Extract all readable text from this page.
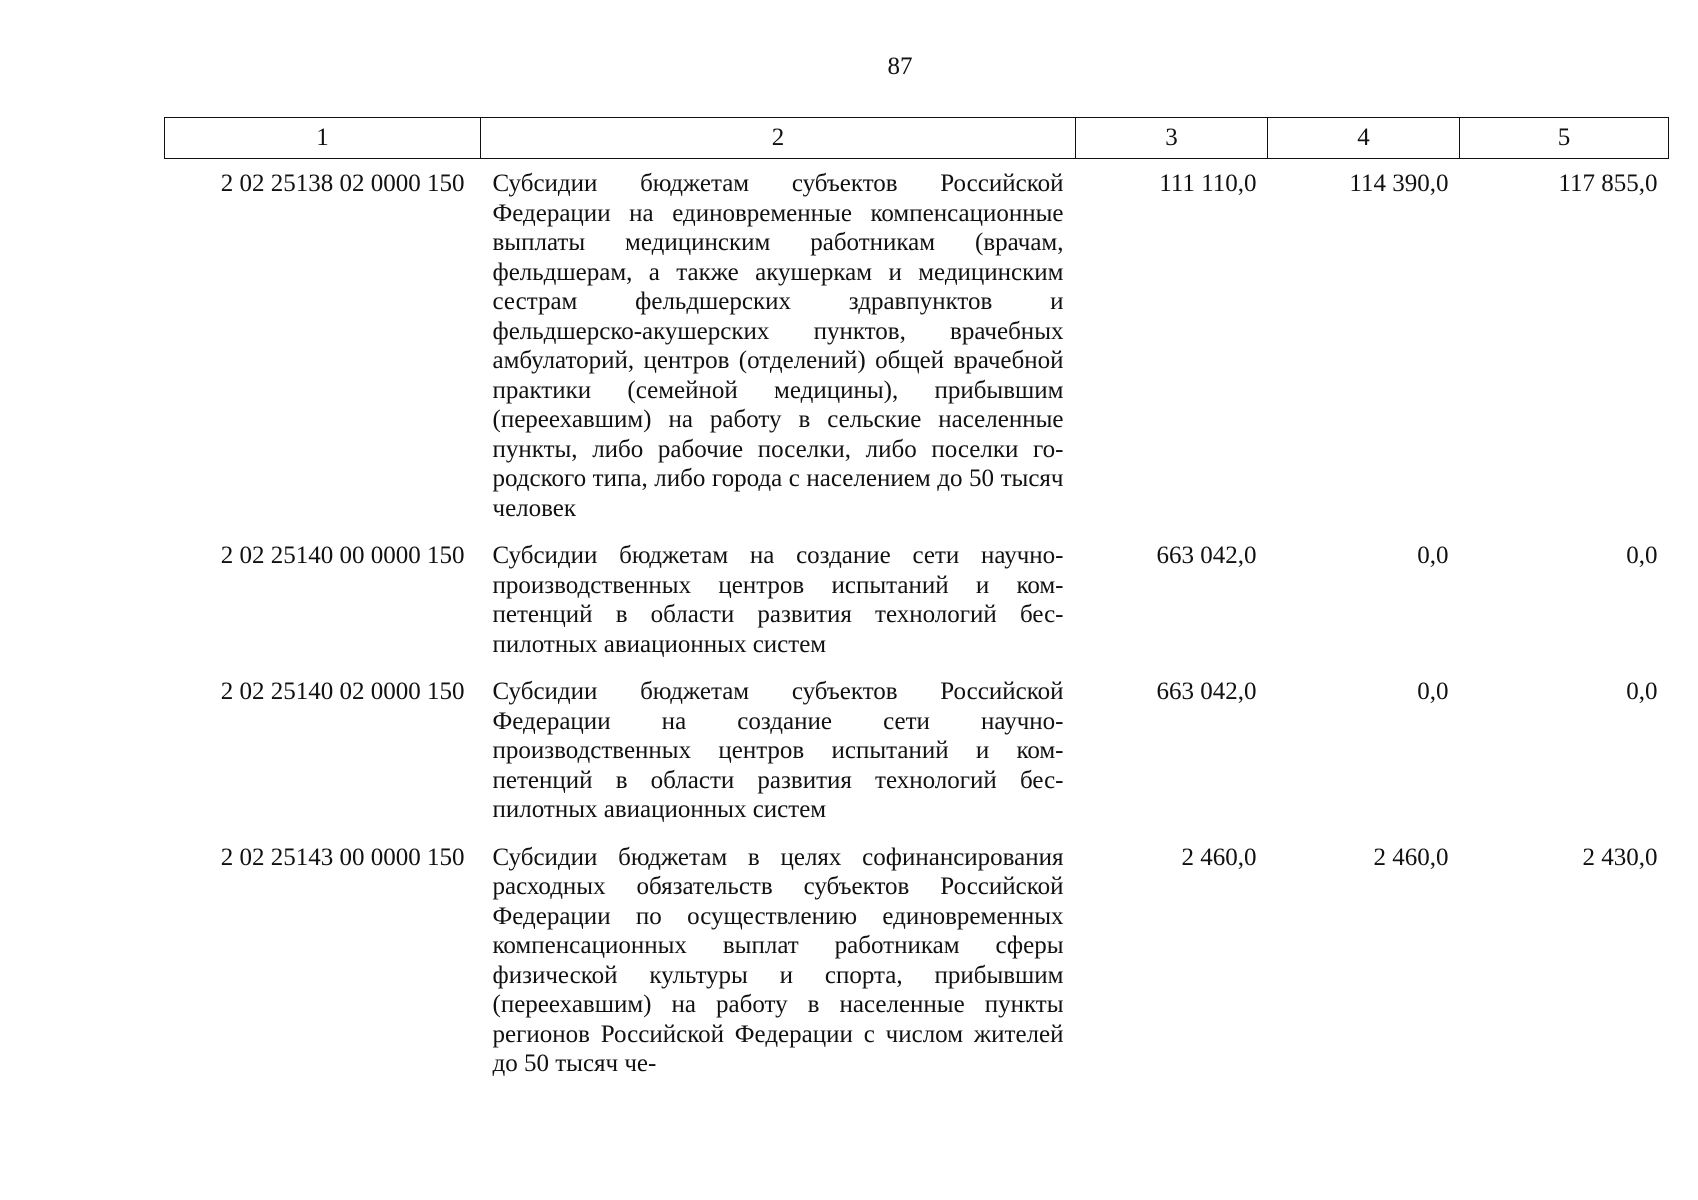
87
1	2	3	4	5
2 02 25138 02 0000 150	Субсидии бюджетам субъектов Российской Федерации на единовременные компенсационные выплаты медицинским работникам (врачам, фельдшерам, а также акушеркам и медицинским сестрам фельдшерских здравпунктов и фельдшерско-акушерских пунктов, врачебных амбулаторий, центров (отделений) общей врачебной практики (семейной медицины), прибывшим (переехавшим) на работу в сельские населенные пункты, либо рабочие поселки, либо поселки городского типа, либо города с населением до 50 тысяч человек	111 110,0	114 390,0	117 855,0
2 02 25140 00 0000 150	Субсидии бюджетам на создание сети научно-производственных центров испытаний и компетенций в области развития технологий беспилотных авиационных систем	663 042,0	0,0	0,0
2 02 25140 02 0000 150	Субсидии бюджетам субъектов Российской Федерации на создание сети научно-производственных центров испытаний и компетенций в области развития технологий беспилотных авиационных систем	663 042,0	0,0	0,0
2 02 25143 00 0000 150	Субсидии бюджетам в целях софинансирования расходных обязательств субъектов Российской Федерации по осуществлению единовременных компенсационных выплат работникам сферы физической культуры и спорта, прибывшим (переехавшим) на работу в населенные пункты регионов Российской Федерации с числом жителей до 50 тысяч че-	2 460,0	2 460,0	2 430,0
